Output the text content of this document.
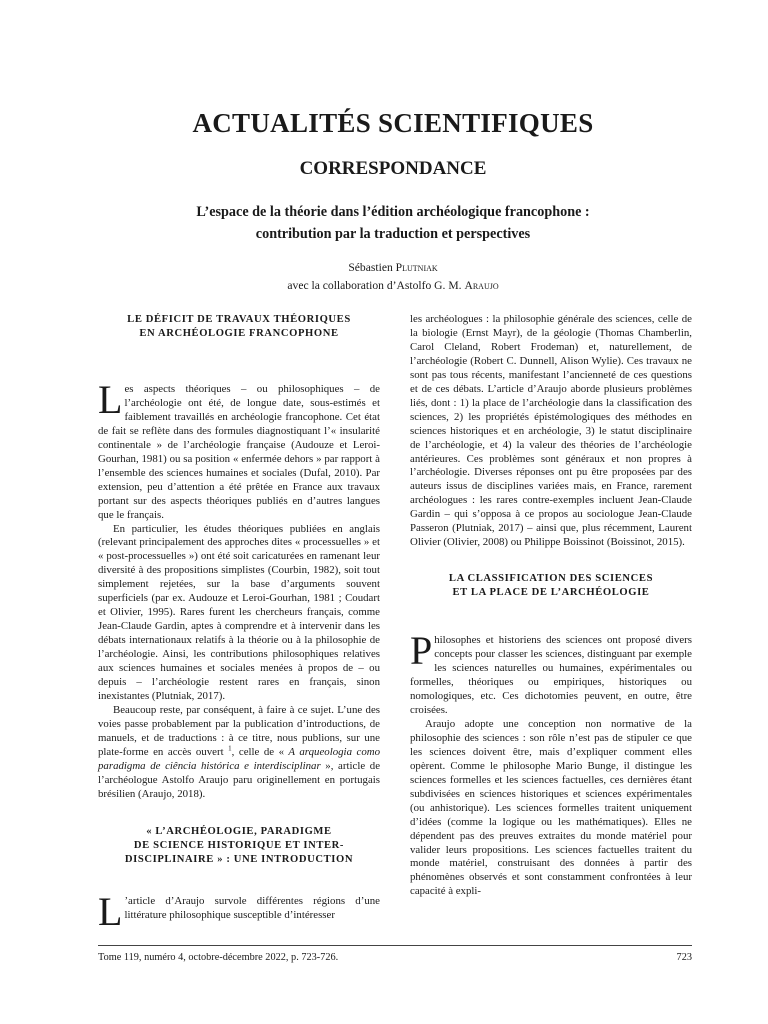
ACTUALITÉS SCIENTIFIQUES
CORRESPONDANCE
L’espace de la théorie dans l’édition archéologique francophone :
contribution par la traduction et perspectives
Sébastien Plutniak
avec la collaboration d’Astolfo G. M. Araujo
LE DÉFICIT DE TRAVAUX THÉORIQUES
EN ARCHÉOLOGIE FRANCOPHONE

Les aspects théoriques – ou philosophiques – de l’archéologie ont été, de longue date, sous-estimés et faiblement travaillés en archéologie francophone. Cet état de fait se reflète dans des formules diagnostiquant l’« insularité continentale » de l’archéologie française (Audouze et Leroi-Gourhan, 1981) ou sa position « enfermée dehors » par rapport à l’ensemble des sciences humaines et sociales (Dufal, 2010). Par extension, peu d’attention a été prêtée en France aux travaux portant sur des aspects théoriques publiés en d’autres langues que le français.

En particulier, les études théoriques publiées en anglais (relevant principalement des approches dites « processuelles » et « post-processuelles ») ont été soit caricaturées en ramenant leur diversité à des propositions simplistes (Courbin, 1982), soit tout simplement rejetées, sur la base d’arguments souvent superficiels (par ex. Audouze et Leroi-Gourhan, 1981 ; Coudart et Olivier, 1995). Rares furent les chercheurs français, comme Jean-Claude Gardin, aptes à comprendre et à intervenir dans les débats internationaux relatifs à la théorie ou à la philosophie de l’archéologie. Ainsi, les contributions philosophiques relatives aux sciences humaines et sociales menées à propos de – ou depuis – l’archéologie restent rares en français, sinon inexistantes (Plutniak, 2017).

Beaucoup reste, par conséquent, à faire à ce sujet. L’une des voies passe probablement par la publication d’introductions, de manuels, et de traductions : à ce titre, nous publions, sur une plate-forme en accès ouvert $^1$, celle de « A arqueologia como paradigma de ciência histórica e interdisciplinar », article de l’archéologue Astolfo Araujo paru originellement en portugais brésilien (Araujo, 2018).

« L’ARCHÉOLOGIE, PARADIGME
DE SCIENCE HISTORIQUE ET INTER-
DISCIPLINAIRE » : UNE INTRODUCTION

L ’article d’Araujo survole différentes régions d’une littérature philosophique susceptible d’intéresser

les archéologues : la philosophie générale des sciences, celle de la biologie (Ernst Mayr), de la géologie (Thomas Chamberlin, Carol Cleland, Robert Frodeman) et, naturellement, de l’archéologie (Robert C. Dunnell, Alison Wylie). Ces travaux ne sont pas tous récents, manifestant l’ancienneté de ces questions et de ces débats. L’article d’Araujo aborde plusieurs problèmes liés, dont : 1) la place de l’archéologie dans la classification des sciences, 2) les propriétés épistémologiques des méthodes en sciences historiques et en archéologie, 3) le statut disciplinaire de l’archéologie, et 4) la valeur des théories de l’archéologie antérieures. Ces problèmes sont généraux et non propres à l’archéologie. Diverses réponses ont pu être proposées par des auteurs issus de disciplines variées mais, en France, rarement archéologues : les rares contre-exemples incluent Jean-Claude Gardin – qui s’opposa à ce propos au sociologue Jean-Claude Passeron (Plutniak, 2017) – ainsi que, plus récemment, Laurent Olivier (Olivier, 2008) ou Philippe Boissinot (Boissinot, 2015).

LA CLASSIFICATION DES SCIENCES
ET LA PLACE DE L’ARCHÉOLOGIE

Philosophes et historiens des sciences ont proposé divers concepts pour classer les sciences, distinguant par exemple les sciences naturelles ou humaines, expérimentales ou formelles, théoriques ou empiriques, historiques ou nomologiques, etc. Ces dichotomies peuvent, en outre, être croisées.

Araujo adopte une conception non normative de la philosophie des sciences : son rôle n’est pas de stipuler ce que les sciences doivent être, mais d’expliquer comment elles opèrent. Comme le philosophe Mario Bunge, il distingue les sciences formelles et les sciences factuelles, ces dernières étant subdivisées en sciences historiques et sciences expérimentales (ou anhistorique). Les sciences formelles traitent uniquement d’idées (comme la logique ou les mathématiques). Elles ne dépendent pas des preuves extraites du monde matériel pour valider leurs propositions. Les sciences factuelles traitent du monde matériel, construisant des données à partir des phénomènes observés et sont constamment confrontées à leur capacité à expli-

Tome 119, numéro 4, octobre-décembre 2022, p. 723-726.	723
